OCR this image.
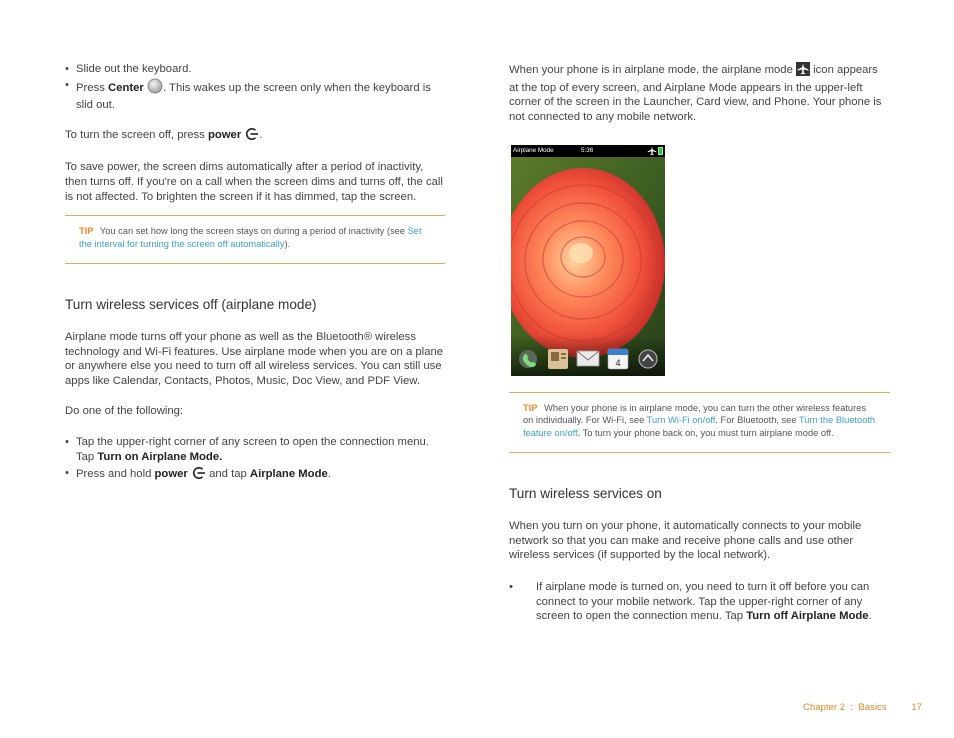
• Slide out the keyboard.

• Press Center . This wakes up the screen only when the keyboard is slid out.

To turn the screen off, press power .

To save power, the screen dims automatically after a period of inactivity, then turns off. If you're on a call when the screen dims and turns off, the call is not affected. To brighten the screen if it has dimmed, tap the screen.

TIP You can set how long the screen stays on during a period of inactivity (see Set the interval for turning the screen off automatically).

Turn wireless services off (airplane mode)

Airplane mode turns off your phone as well as the Bluetooth® wireless technology and Wi-Fi features. Use airplane mode when you are on a plane or anywhere else you need to turn off all wireless services. You can still use apps like Calendar, Contacts, Photos, Music, Doc View, and PDF View.

Do one of the following:

• Tap the upper-right corner of any screen to open the connection menu. Tap Turn on Airplane Mode.

• Press and hold power and tap Airplane Mode.

When your phone is in airplane mode, the airplane mode icon appears at the top of every screen, and Airplane Mode appears in the upper-left corner of the screen in the Launcher, Card view, and Phone. Your phone is not connected to any mobile network.

Airplane Mode	5:36
4

TIP When your phone is in airplane mode, you can turn the other wireless features on individually. For Wi-Fi, see Turn Wi-Fi on/off. For Bluetooth, see Turn the Bluetooth feature on/off. To turn your phone back on, you must turn airplane mode off.

Turn wireless services on

When you turn on your phone, it automatically connects to your mobile network so that you can make and receive phone calls and use other wireless services (if supported by the local network).

• If airplane mode is turned on, you need to turn it off before you can connect to your mobile network. Tap the upper-right corner of any screen to open the connection menu. Tap Turn off Airplane Mode.

Chapter 2  :  Basics	17
